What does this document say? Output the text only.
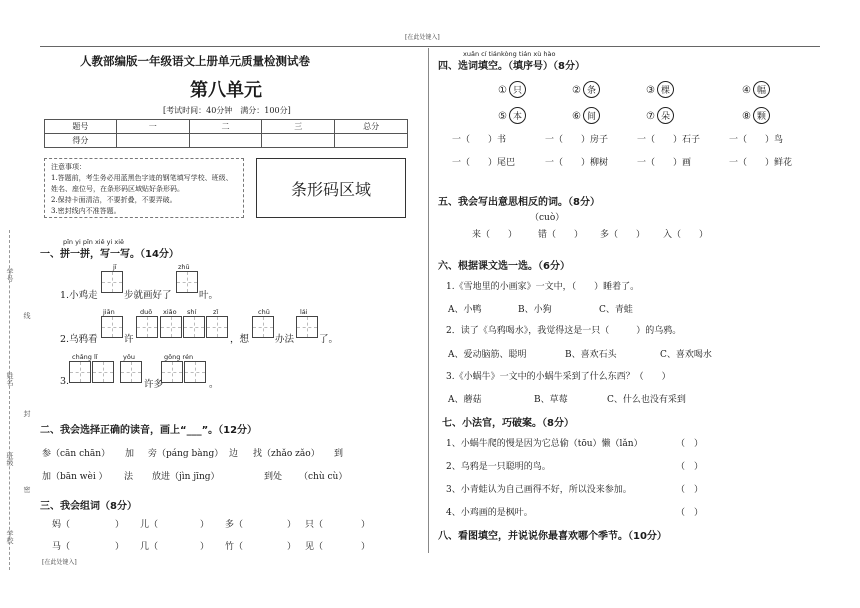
[在此处键入]
[在此处键入]
学号
线
姓名
封
班级
密
学校
人教部编版一年级语文上册单元质量检测试卷
第八单元
[考试时间：40分钟　满分：100分]
题号	一	二	三	总分
得分				
注意事项：
1.答题前，考生务必用蓝黑色字迹的钢笔填写学校、班级、
姓名、座位号，在条形码区域贴好条形码。
2.保持卡面清洁，不要折叠，不要弄破。
3.密封线内不准答题。
条形码区域
pīn yi pīn xiě yi xiě
一、拼一拼，写一写。（14分）
jī	zhū
1.小鸡走	步就画好了	叶。
jiān	duō xiǎo shí	zǐ	chū	lái
2.乌鸦看	许	，想	办法	了。
chǎng lǐ	yǒu	gōng rén
3.	许多	。
二、我会选择正确的读音，画上“___”。（12分）
参（cān chān） 加 旁（páng bàng） 边 找（zhǎo zǎo） 到
加（bān wèi ） 法 放进（jìn jīng）	到处 （chù cù）
三、我会组词（8分）
妈（	） 儿（	） 多（	） 只（	）
马（	） 几（	） 竹（	） 见（	）
xuǎn cí tiánkòng tián xù hào
四、选词填空。（填序号）（8分）
① 只	② 条	③ 棵	④ 幅
⑤ 本	⑥ 间	⑦ 朵	⑧ 颗
一（　　）书	一（　　）房子	一（　　）石子	一（　　）鸟
一（　　）尾巴	一（　　）柳树	一（　　）画	一（　　）鲜花
五、我会写出意思相反的词。（8分）
（cuò）
来（　　） 错（　　） 多（　　） 入（　　）
六、根据课文选一选。（6分）
1.《雪地里的小画家》一文中，（　　）睡着了。
A、小鸭	B、小狗	C、青蛙
2．读了《乌鸦喝水》，我觉得这是一只（　　　）的乌鸦。
A、爱动脑筋、聪明	B、喜欢石头	C、喜欢喝水
3.《小蜗牛》一文中的小蜗牛采到了什么东西？（　　）
A、蘑菇	B、草莓	C、什么也没有采到
七、小法官，巧破案。（8分）
1、小蜗牛爬的慢是因为它总偷（tōu）懒（lǎn）	（　）
2、乌鸦是一只聪明的鸟。	（　）
3、小青蛙认为自己画得不好，所以没来参加。	（　）
4、小鸡画的是枫叶。	（　）
八、看图填空，并说说你最喜欢哪个季节。（10分）
